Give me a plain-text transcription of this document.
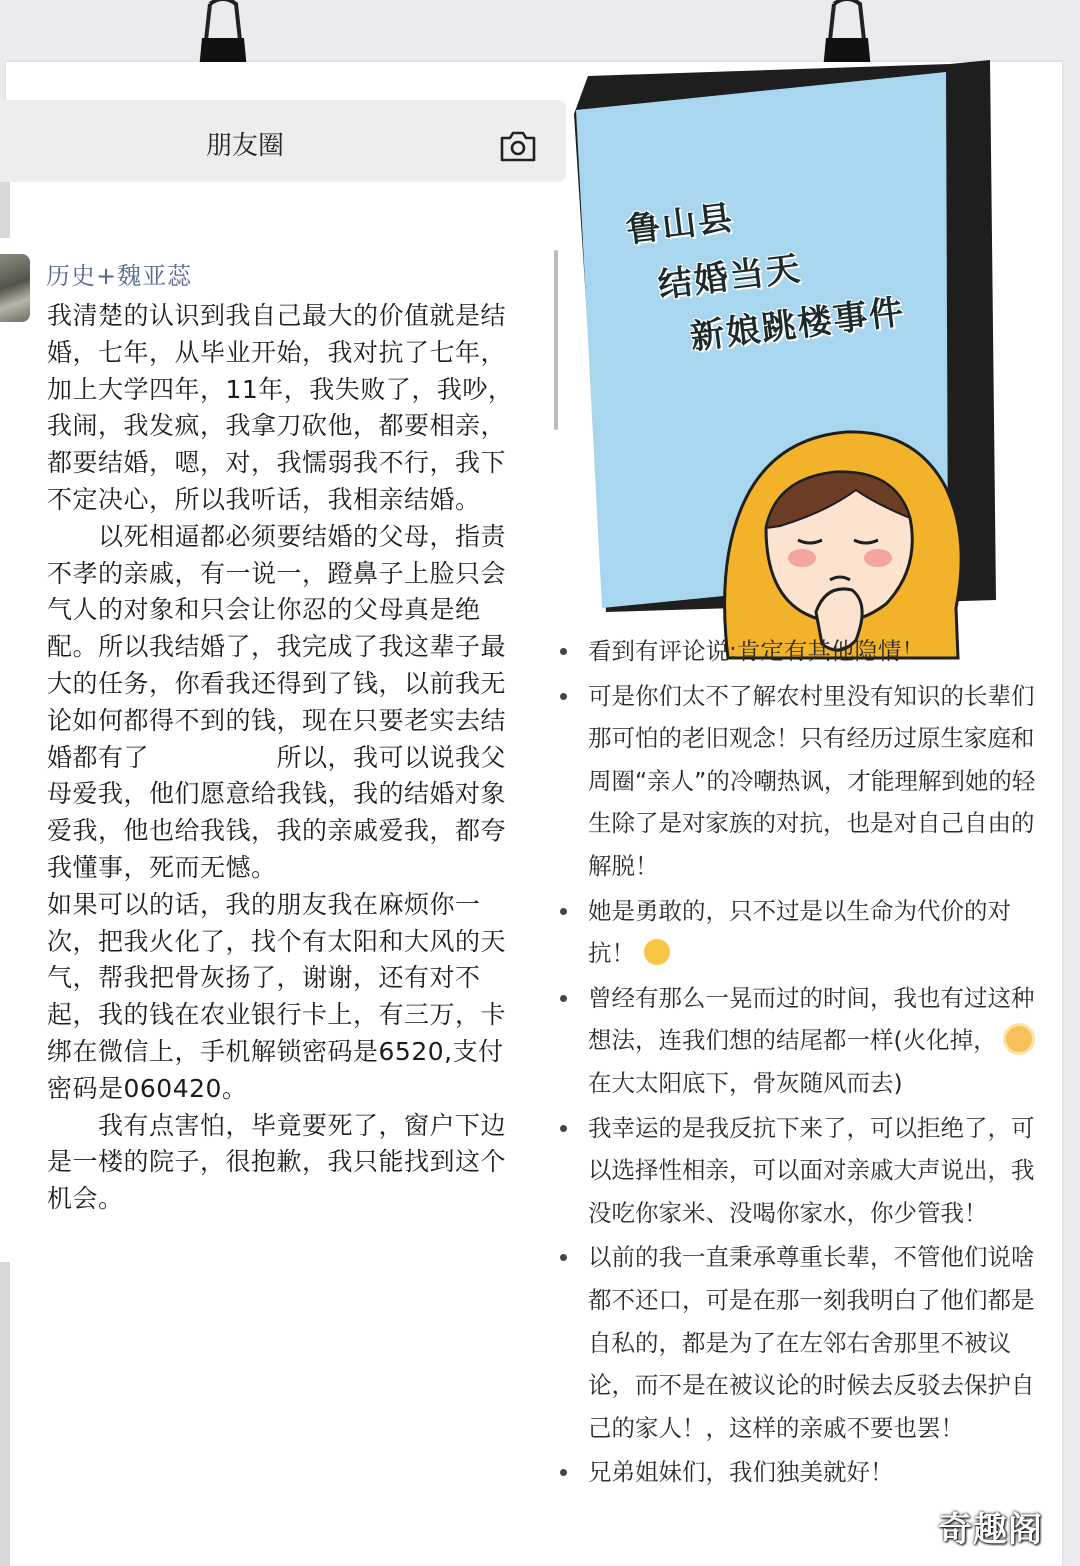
朋友圈
历史+魏亚蕊
我清楚的认识到我自己最大的价值就是结婚，七年，从毕业开始，我对抗了七年，加上大学四年，11年，我失败了，我吵，我闹，我发疯，我拿刀砍他，都要相亲，都要结婚，嗯，对，我懦弱我不行，我下不定决心，所以我听话，我相亲结婚。
　　以死相逼都必须要结婚的父母，指责不孝的亲戚，有一说一，蹬鼻子上脸只会气人的对象和只会让你忍的父母真是绝配。所以我结婚了，我完成了我这辈子最大的任务，你看我还得到了钱，以前我无论如何都得不到的钱，现在只要老实去结婚都有了　　　　　所以，我可以说我父母爱我，他们愿意给我钱，我的结婚对象爱我，他也给我钱，我的亲戚爱我，都夸我懂事，死而无憾。
如果可以的话，我的朋友我在麻烦你一次，把我火化了，找个有太阳和大风的天气，帮我把骨灰扬了，谢谢，还有对不起，我的钱在农业银行卡上，有三万，卡绑在微信上，手机解锁密码是6520,支付密码是060420。
　　我有点害怕，毕竟要死了，窗户下边是一楼的院子，很抱歉，我只能找到这个机会。
鲁山县
结婚当天
新娘跳楼事件
看到有评论说:肯定有其他隐情！
可是你们太不了解农村里没有知识的长辈们那可怕的老旧观念！只有经历过原生家庭和周圈“亲人”的冷嘲热讽，才能理解到她的轻生除了是对家族的对抗，也是对自己自由的解脱！
她是勇敢的，只不过是以生命为代价的对抗！
曾经有那么一晃而过的时间，我也有过这种想法，连我们想的结尾都一样(火化掉，  在大太阳底下，骨灰随风而去)
我幸运的是我反抗下来了，可以拒绝了，可以选择性相亲，可以面对亲戚大声说出，我没吃你家米、没喝你家水，你少管我！
以前的我一直秉承尊重长辈，不管他们说啥都不还口，可是在那一刻我明白了他们都是自私的，都是为了在左邻右舍那里不被议论，而不是在被议论的时候去反驳去保护自己的家人！，这样的亲戚不要也罢！
兄弟姐妹们，我们独美就好！
奇趣阁
